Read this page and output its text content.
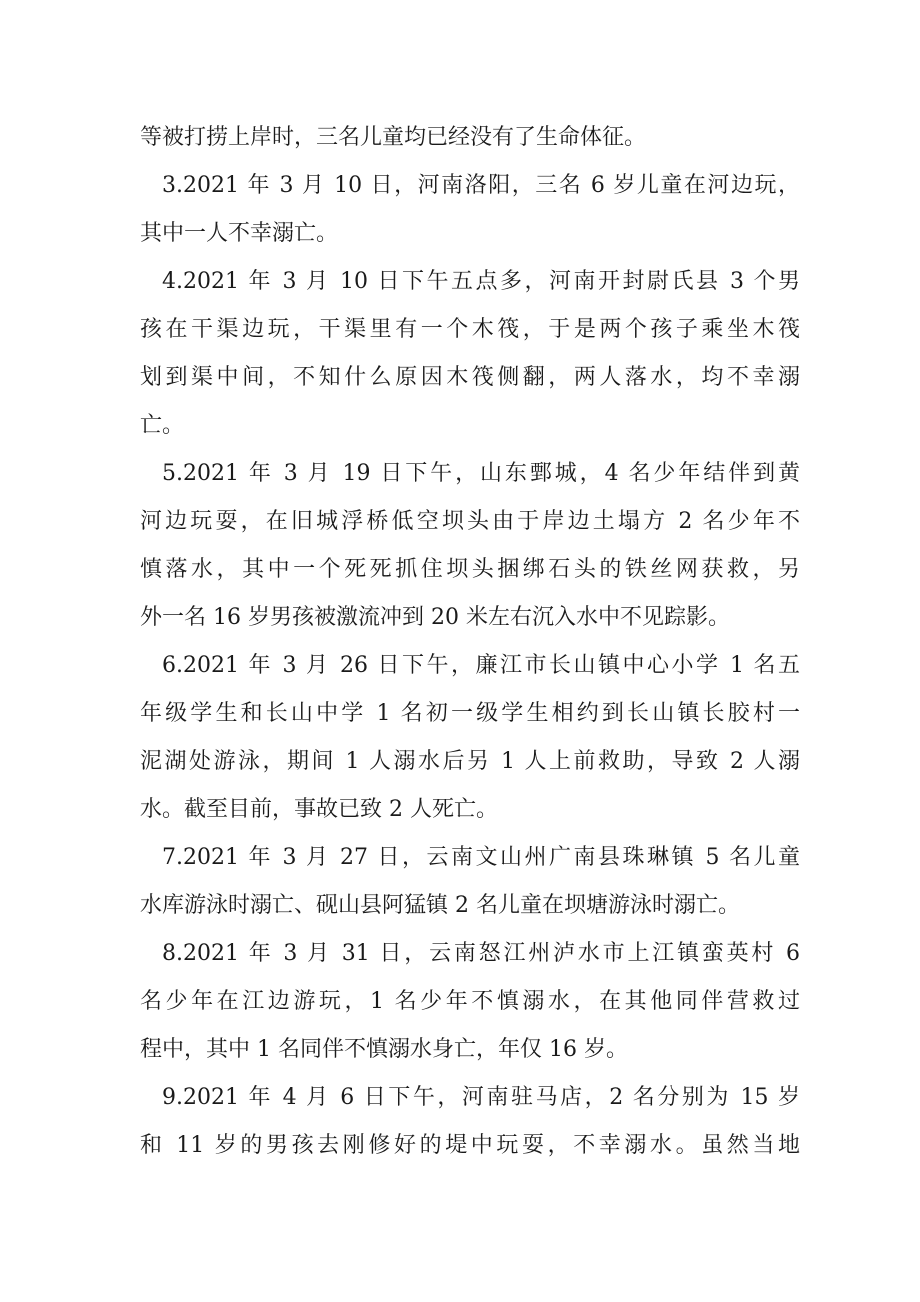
等被打捞上岸时，三名儿童均已经没有了生命体征。
3.2021 年 3 月 10 日，河南洛阳，三名 6 岁儿童在河边玩，
其中一人不幸溺亡。
4.2021 年 3 月 10 日下午五点多，河南开封尉氏县 3 个男
孩在干渠边玩，干渠里有一个木筏，于是两个孩子乘坐木筏
划到渠中间，不知什么原因木筏侧翻，两人落水，均不幸溺
亡。
5.2021 年 3 月 19 日下午，山东鄄城，4 名少年结伴到黄
河边玩耍，在旧城浮桥低空坝头由于岸边土塌方 2 名少年不
慎落水，其中一个死死抓住坝头捆绑石头的铁丝网获救，另
外一名 16 岁男孩被激流冲到 20 米左右沉入水中不见踪影。
6.2021 年 3 月 26 日下午，廉江市长山镇中心小学 1 名五
年级学生和长山中学 1 名初一级学生相约到长山镇长胶村一
泥湖处游泳，期间 1 人溺水后另 1 人上前救助，导致 2 人溺
水。截至目前，事故已致 2 人死亡。
7.2021 年 3 月 27 日，云南文山州广南县珠琳镇 5 名儿童
水库游泳时溺亡、砚山县阿猛镇 2 名儿童在坝塘游泳时溺亡。
8.2021 年 3 月 31 日，云南怒江州泸水市上江镇蛮英村 6
名少年在江边游玩，1 名少年不慎溺水，在其他同伴营救过
程中，其中 1 名同伴不慎溺水身亡，年仅 16 岁。
9.2021 年 4 月 6 日下午，河南驻马店，2 名分别为 15 岁
和 11 岁的男孩去刚修好的堤中玩耍，不幸溺水。虽然当地
